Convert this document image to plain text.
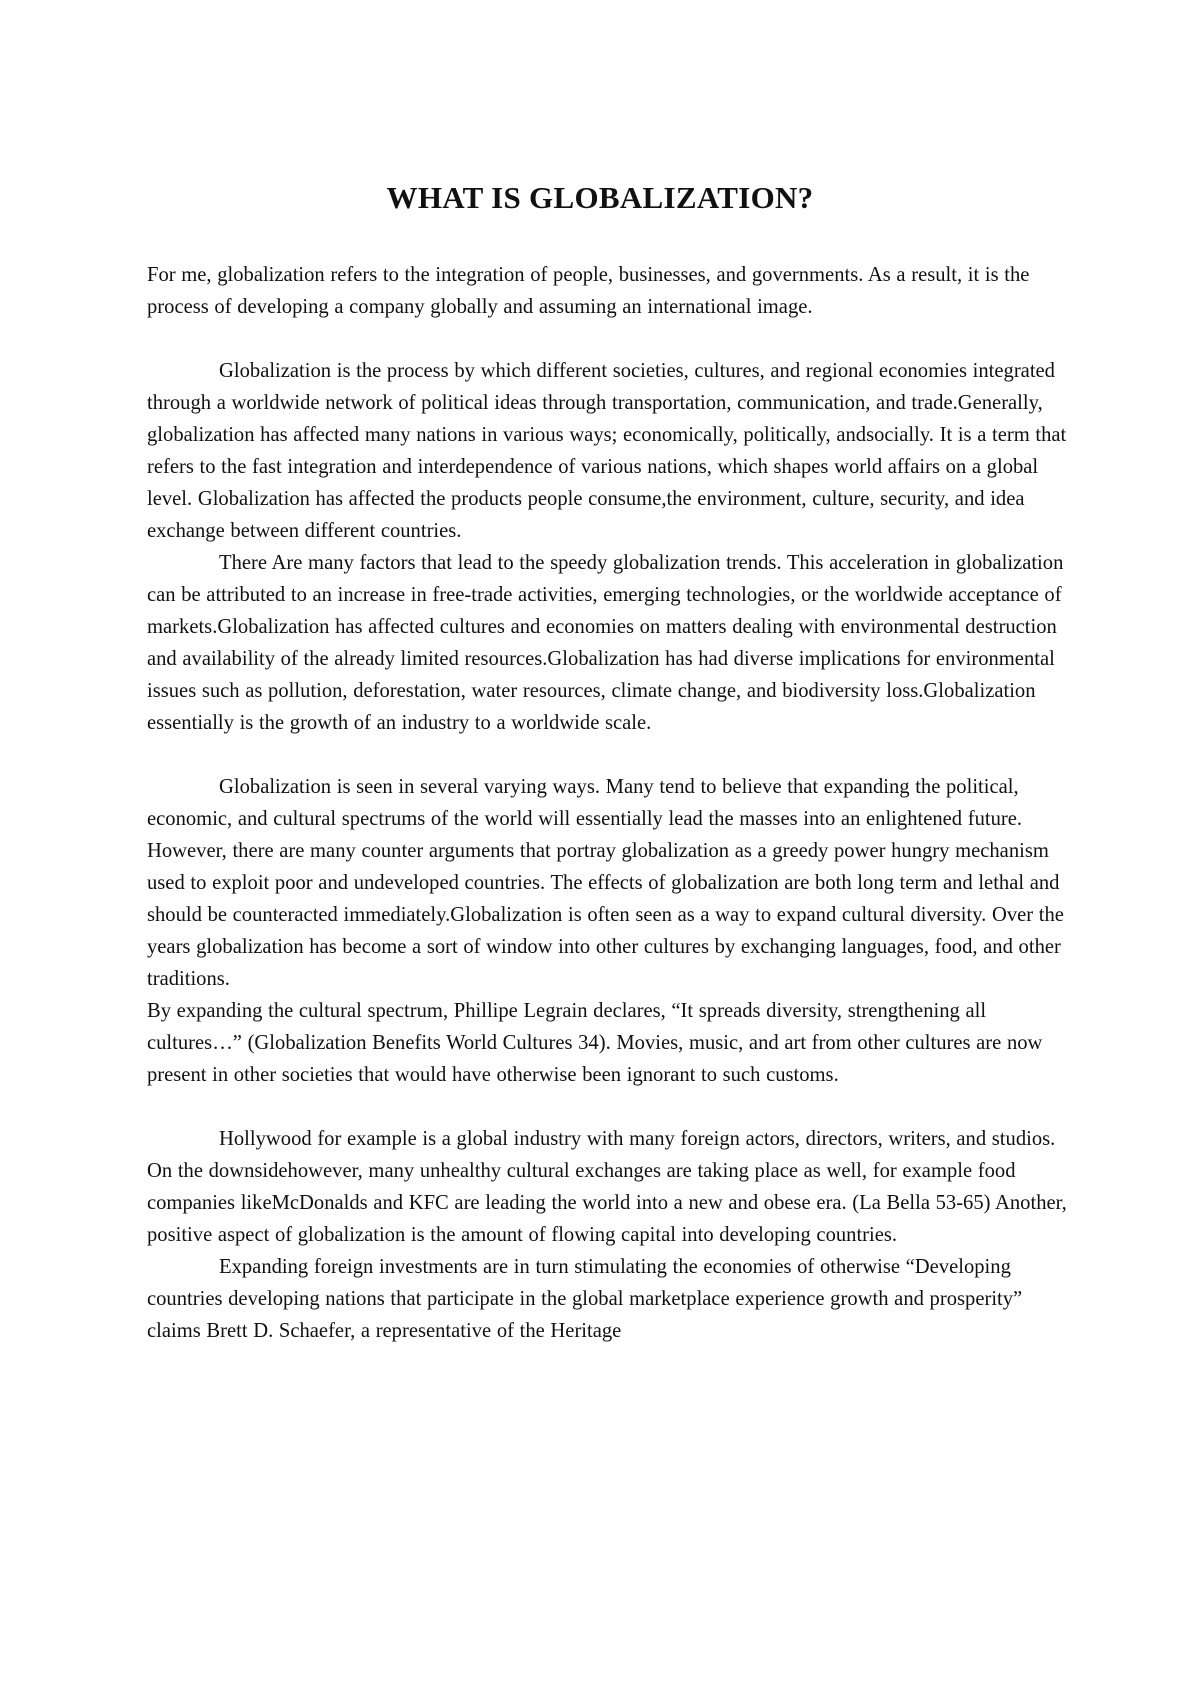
WHAT IS GLOBALIZATION?

For me, globalization refers to the integration of people, businesses, and governments. As a result, it is the process of developing a company globally and assuming an international image.

Globalization is the process by which different societies, cultures, and regional economies integrated through a worldwide network of political ideas through transportation, communication, and trade.Generally, globalization has affected many nations in various ways; economically, politically, andsocially. It is a term that refers to the fast integration and interdependence of various nations, which shapes world affairs on a global level. Globalization has affected the products people consume,the environment, culture, security, and idea exchange between different countries.

There Are many factors that lead to the speedy globalization trends. This acceleration in globalization can be attributed to an increase in free-trade activities, emerging technologies, or the worldwide acceptance of markets.Globalization has affected cultures and economies on matters dealing with environmental destruction and availability of the already limited resources.Globalization has had diverse implications for environmental issues such as pollution, deforestation, water resources, climate change, and biodiversity loss.Globalization essentially is the growth of an industry to a worldwide scale.

Globalization is seen in several varying ways. Many tend to believe that expanding the political, economic, and cultural spectrums of the world will essentially lead the masses into an enlightened future. However, there are many counter arguments that portray globalization as a greedy power hungry mechanism used to exploit poor and undeveloped countries. The effects of globalization are both long term and lethal and should be counteracted immediately.Globalization is often seen as a way to expand cultural diversity. Over the years globalization has become a sort of window into other cultures by exchanging languages, food, and other traditions.

By expanding the cultural spectrum, Phillipe Legrain declares, “It spreads diversity, strengthening all cultures…” (Globalization Benefits World Cultures 34). Movies, music, and art from other cultures are now present in other societies that would have otherwise been ignorant to such customs.

Hollywood for example is a global industry with many foreign actors, directors, writers, and studios. On the downsidehowever, many unhealthy cultural exchanges are taking place as well, for example food companies likeMcDonalds and KFC are leading the world into a new and obese era. (La Bella 53-65) Another, positive aspect of globalization is the amount of flowing capital into developing countries.

Expanding foreign investments are in turn stimulating the economies of otherwise “Developing countries developing nations that participate in the global marketplace experience growth and prosperity” claims Brett D. Schaefer, a representative of the Heritage
